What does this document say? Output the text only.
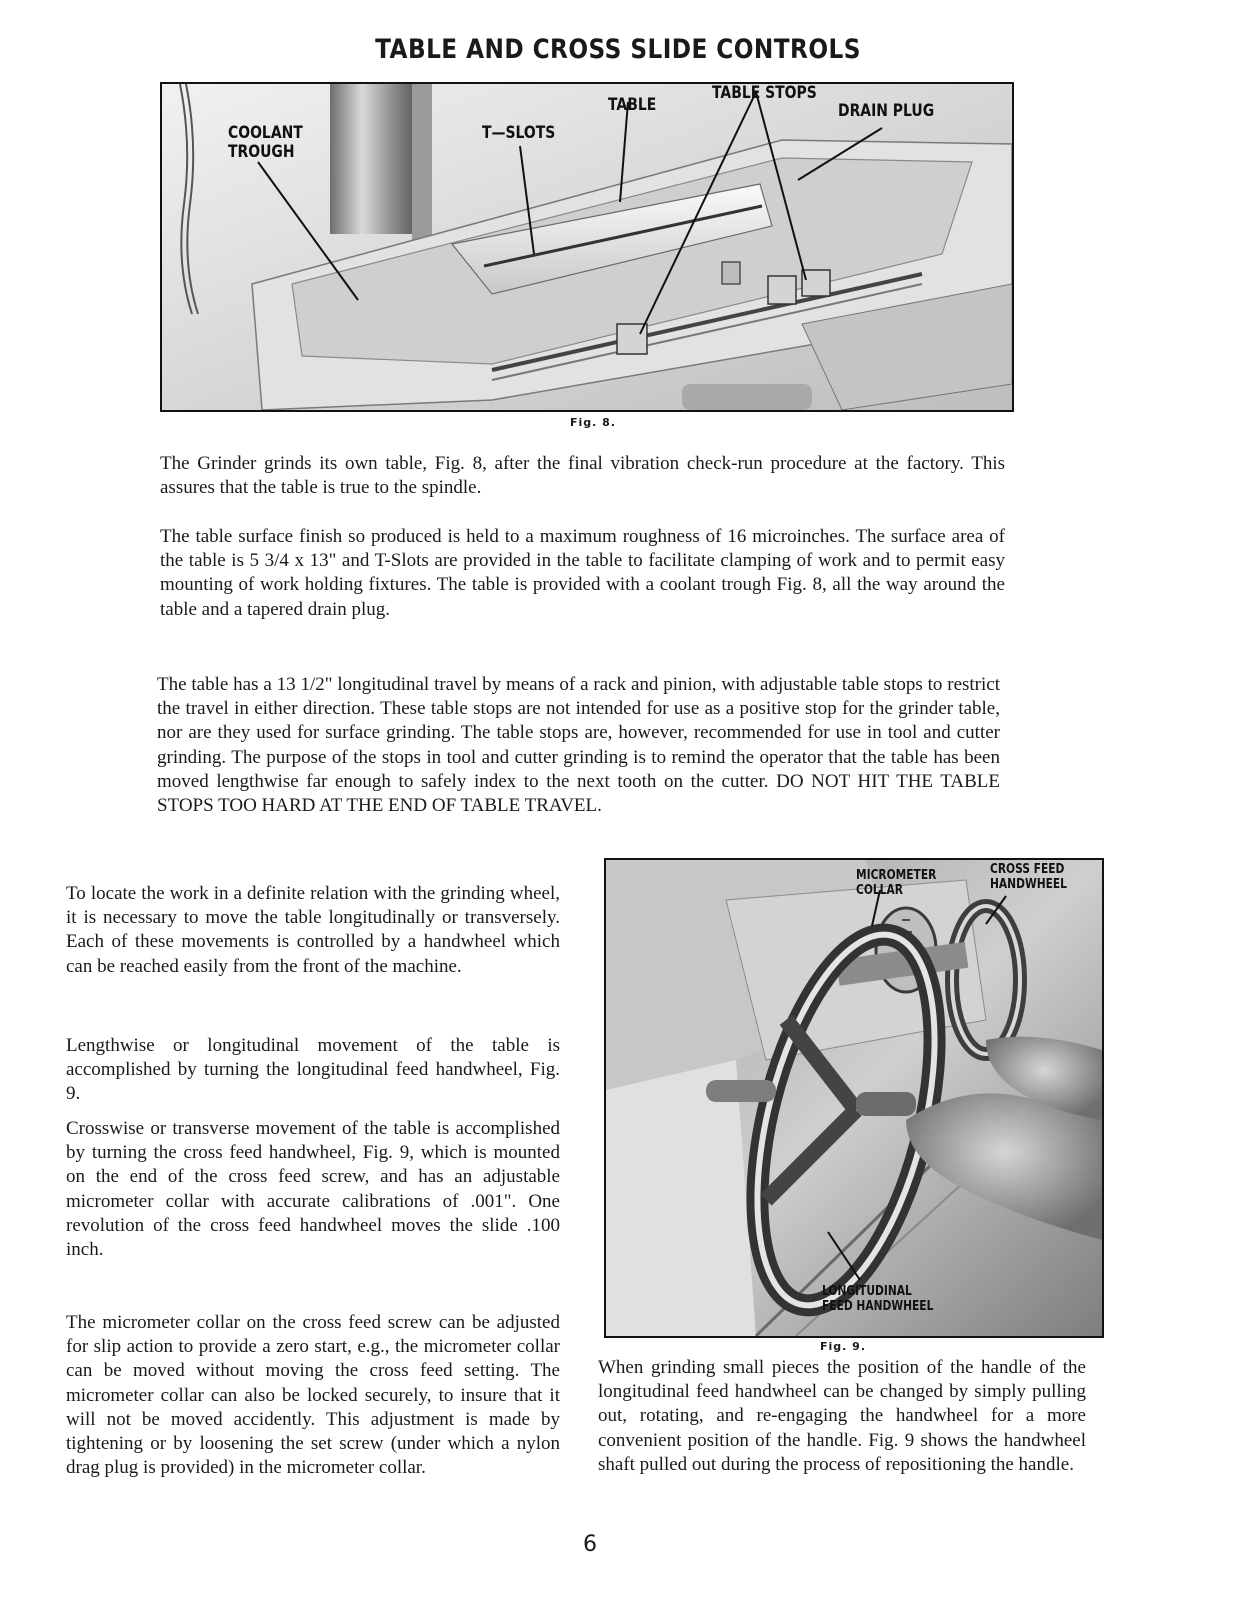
TABLE AND CROSS SLIDE CONTROLS
COOLANT
TROUGH
T—SLOTS
TABLE
TABLE STOPS
DRAIN PLUG
Fig. 8.

The Grinder grinds its own table, Fig. 8, after the final vibration check-run procedure at the factory. This assures that the table is true to the spindle.

The table surface finish so produced is held to a maximum roughness of 16 microinches. The surface area of the table is 5 3/4 x 13" and T-Slots are provided in the table to facilitate clamping of work and to permit easy mounting of work holding fixtures. The table is provided with a coolant trough Fig. 8, all the way around the table and a tapered drain plug.

The table has a 13 1/2" longitudinal travel by means of a rack and pinion, with adjustable table stops to restrict the travel in either direction. These table stops are not intended for use as a positive stop for the grinder table, nor are they used for surface grinding. The table stops are, however, recommended for use in tool and cutter grinding. The purpose of the stops in tool and cutter grinding is to remind the operator that the table has been moved lengthwise far enough to safely index to the next tooth on the cutter. DO NOT HIT THE TABLE STOPS TOO HARD AT THE END OF TABLE TRAVEL.

To locate the work in a definite relation with the grinding wheel, it is necessary to move the table longitudinally or transversely. Each of these movements is controlled by a handwheel which can be reached easily from the front of the machine.

Lengthwise or longitudinal movement of the table is accomplished by turning the longitudinal feed handwheel, Fig. 9.

Crosswise or transverse movement of the table is accomplished by turning the cross feed handwheel, Fig. 9, which is mounted on the end of the cross feed screw, and has an adjustable micrometer collar with accurate calibrations of .001". One revolution of the cross feed handwheel moves the slide .100 inch.

The micrometer collar on the cross feed screw can be adjusted for slip action to provide a zero start, e.g., the micrometer collar can be moved without moving the cross feed setting. The micrometer collar can also be locked securely, to insure that it will not be moved accidently. This adjustment is made by tightening or by loosening the set screw (under which a nylon drag plug is provided) in the micrometer collar.

MICROMETER
COLLAR
CROSS FEED
HANDWHEEL
LONGITUDINAL
FEED HANDWHEEL
Fig. 9.

When grinding small pieces the position of the handle of the longitudinal feed handwheel can be changed by simply pulling out, rotating, and re-engaging the handwheel for a more convenient position of the handle. Fig. 9 shows the handwheel shaft pulled out during the process of repositioning the handle.

6
